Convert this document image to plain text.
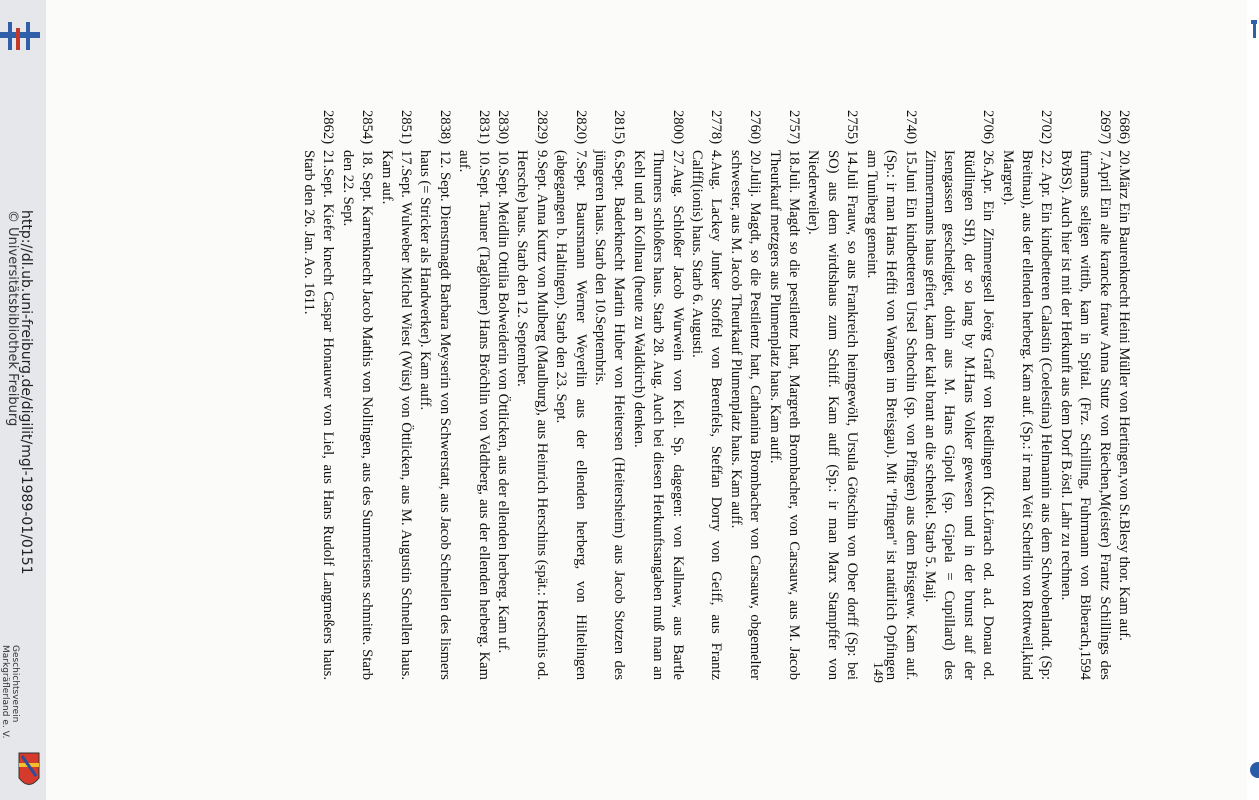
http://dl.ub.uni-freiburg.de/digilit/mgl-1989-01/0151
© Universitätsbibliothek Freiburg
Geschichtsverein
Markgräflerland e. V.
2686)
20.März Ein Baurenknecht Heini Müller von Hertingen,von St.Blesy thor. Kam auf.
2697)
7.April Ein alte krancke frauw Anna Stutz von Riechen,M(eister) Frantz Schillings des furmans seligen wittib, kam in Spital. (Frz. Schilling, Fuhrmann von Biberach,1594 BvBS). Auch hier ist mit der Herkunft aus dem Dorf B.östl. Lahr zu rechnen.
2702)
22. Apr. Ein kindbetteren Calastin (Coelestina) Helmannin aus dem Schwobenlandt. (Sp: Breitnau), aus der ellenden herberg. Kam auf. (Sp.: ir man Veit Scherlin von Rottweil,kind Margret).
2706)
26.Apr. Ein Zimmergsell Jeörg Graff von Riedlingen (Kr.Lörrach od. a.d. Donau od. Rüdlingen SH), der so lang by M.Hans Volker gewesen und in der brunst auf der Isengassen geschediget, dohin aus M. Hans Gipolt (sp. Gipela = Cupillard) des Zimmermanns haus gefiert, kam der kalt brant an die schenkel. Starb 5. Maij.
2740)
15.Juni Ein kindbetteren Ursel Schochin (sp. von Pfingen) aus dem Brisgeuw. Kam auf. (Sp.: ir man Hans Heffti von Wangen im Breisgau). Mit "Pfingen" ist natürlich Opfingen am Tuniberg gemeint.
2755)
14.Juli Frauw, so aus Frankreich heimgewölt, Ursula Götschin von Ober dorff (Sp: bei SO) aus dem wirdtshaus zum Schiff. Kam auff (Sp.: ir man Marx Stampffer von Niederweiler).
2757)
18.Juli. Magdt so die pestilentz hatt, Margreth Brombacher, von Carsauw, aus M. Jacob Theurkauf metzgers aus Plumenplatz haus. Kam auff.
2760)
20.Julij. Magdt, so die Pestilentz hatt, Cathanina Brombacher von Carsauw, obgemelter schwester, aus M. Jacob Theurkauf Plumenplatz haus. Kam auff.
2778)
4.Aug. Lackey Junker Stoffel von Berenfels, Steffan Dorry von Geiff, aus Frantz Calffl(ionis) haus. Starb 6. Augusti.
2800)
27.Aug. Schloßer Jacob Wurwein von Kell. Sp. dagegen: von Kallnaw, aus Bartle Thurners schloßers haus. Starb 28. Aug. Auch bei diesen Herkunftsangaben muß man an Kehl und an Kollnau (heute zu Waldkirch) denken.
2815)
6.Sept. Baderknecht Martin Huber von Heitersen (Heitersheim) aus Jacob Stotzen des jüngeren haus. Starb den 10.Septembris.
2820)
7.Sept. Baursmann Werner Weyerlin aus der ellenden herberg, von Hiltelingen (abgegangen b. Haltingen). Starb den 23. Sept.
2829)
9.Sept. Anna Kurtz von Mulberg (Maulburg), aus Heinrich Herschins (spät.: Herschnis od. Hersche) haus. Starb den 12. September.
2830)
10.Sept. Meidlin Ottilia Bolweiderin von Öttlicken, aus der ellenden herberg. Kam uf.
2831)
10.Sept. Tauner (Taglöhner) Hans Bröchlin von Veldtberg, aus der ellenden herberg. Kam auf.
2838)
12. Sept. Dienstmagdt Barbara Meyserin von Schwerstatt, aus Jacob Schnellen des lismers haus (= Stricker als Handwerker). Kam auff.
2851)
17.Sept. Wulweber Michel Wiest (Wüst) von Öttlicken, aus M. Augustin Schnellen haus. Kam auf.
2854)
18. Sept. Karrenknecht Jacob Mathis von Nollingen, aus des Summerisens schmitte. Starb den 22. Sept.
2862)
21.Sept. Kiefer knecht Caspar Honauwer von Liel, aus Hans Rudolf Langmeßers haus. Starb den 26. Jan. Ao. 1611.
149
